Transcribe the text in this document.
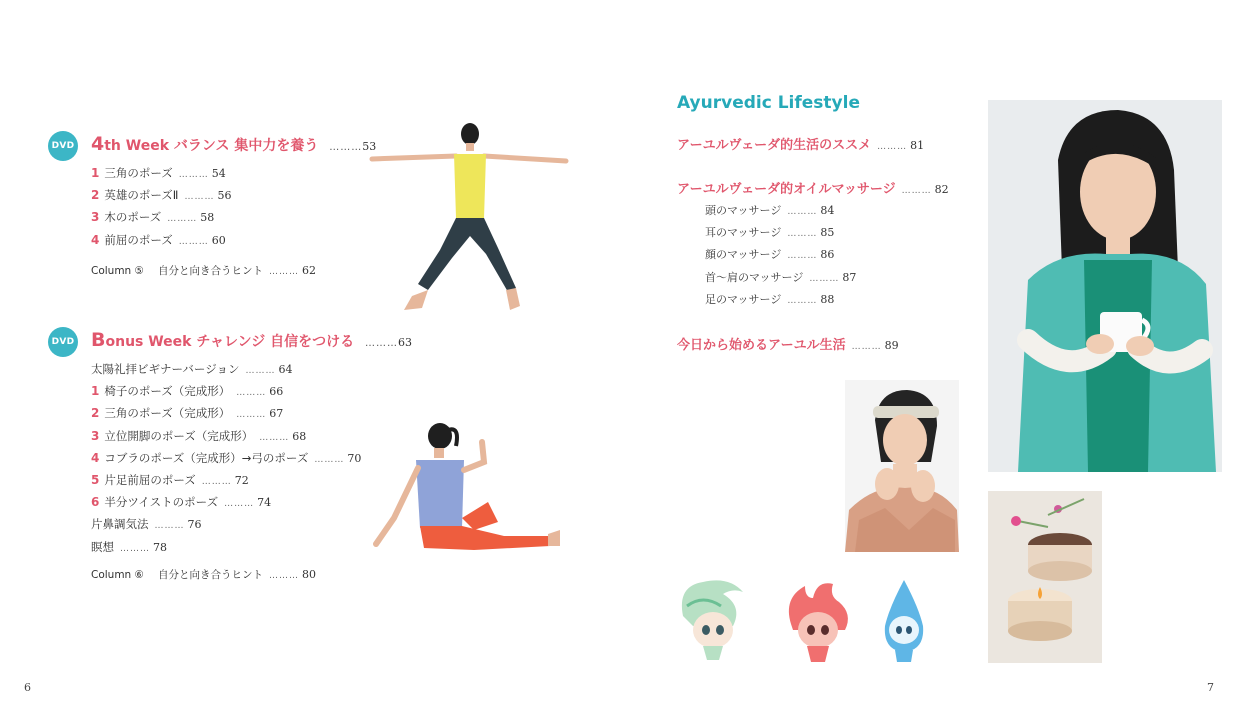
DVD 4th Week バランス 集中力を養う ………53
1 三角のポーズ ……… 54
2 英雄のポーズⅡ ……… 56
3 木のポーズ ……… 58
4 前屈のポーズ ……… 60
Column ⑤ 自分と向き合うヒント ……… 62
DVD Bonus Week チャレンジ 自信をつける ………63
太陽礼拝ビギナーバージョン ……… 64
1 椅子のポーズ（完成形） ……… 66
2 三角のポーズ（完成形） ……… 67
3 立位開脚のポーズ（完成形） ……… 68
4 コブラのポーズ（完成形）→弓のポーズ ……… 70
5 片足前屈のポーズ ……… 72
6 半分ツイストのポーズ ……… 74
片鼻調気法 ……… 76
瞑想 ……… 78
Column ⑥ 自分と向き合うヒント ……… 80
6
Ayurvedic Lifestyle
アーユルヴェーダ的生活のススメ ……… 81
アーユルヴェーダ的オイルマッサージ ……… 82
頭のマッサージ ……… 84
耳のマッサージ ……… 85
顔のマッサージ ……… 86
首〜肩のマッサージ ……… 87
足のマッサージ ……… 88
今日から始めるアーユル生活 ……… 89
7
